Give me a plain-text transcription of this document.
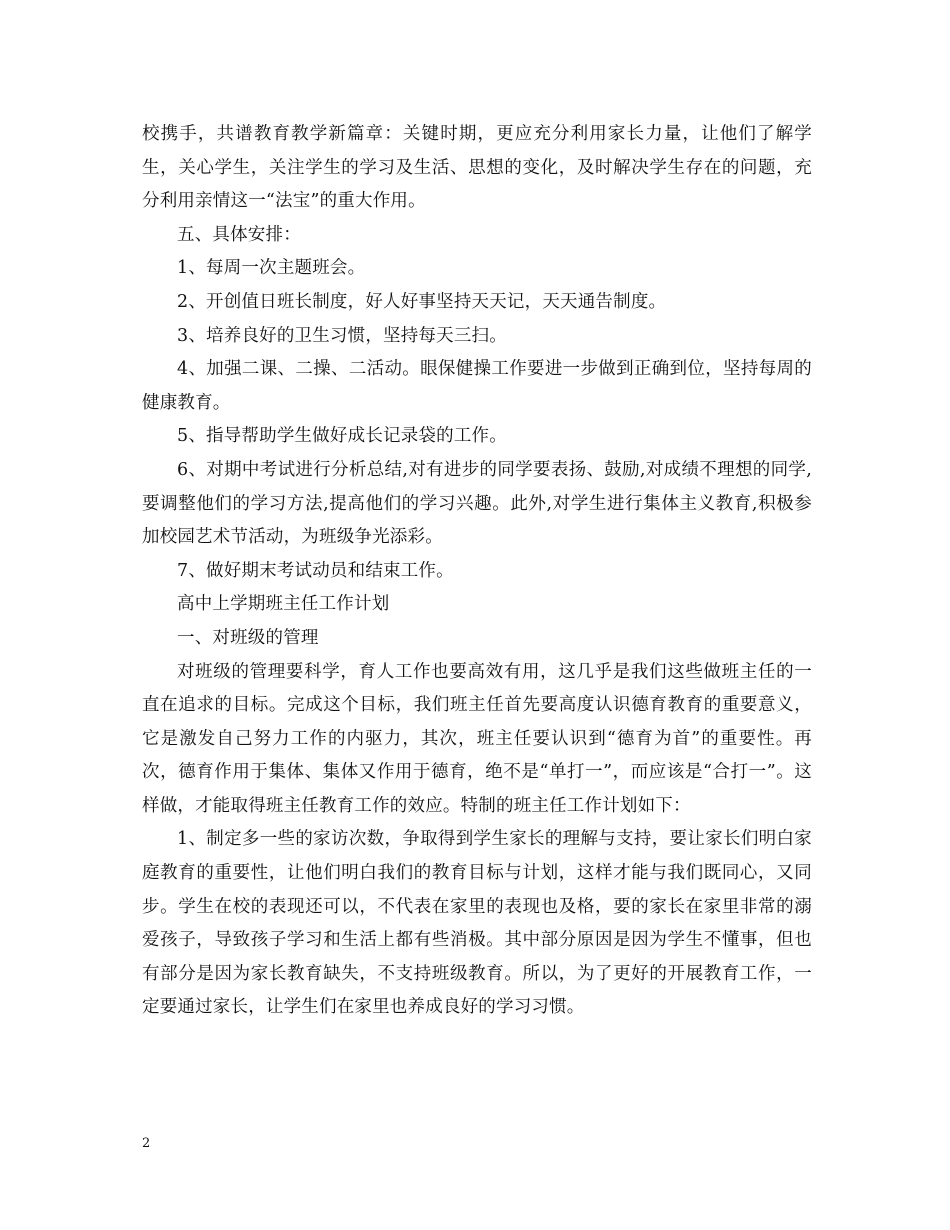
校携手，共谱教育教学新篇章：关键时期，更应充分利用家长力量，让他们了解学生，关心学生，关注学生的学习及生活、思想的变化，及时解决学生存在的问题，充分利用亲情这一“法宝”的重大作用。

五、具体安排：

1、每周一次主题班会。

2、开创值日班长制度，好人好事坚持天天记，天天通告制度。

3、培养良好的卫生习惯，坚持每天三扫。

4、加强二课、二操、二活动。眼保健操工作要进一步做到正确到位，坚持每周的健康教育。

5、指导帮助学生做好成长记录袋的工作。

6、对期中考试进行分析总结,对有进步的同学要表扬、鼓励,对成绩不理想的同学,要调整他们的学习方法,提高他们的学习兴趣。此外,对学生进行集体主义教育,积极参加校园艺术节活动，为班级争光添彩。

7、做好期末考试动员和结束工作。

高中上学期班主任工作计划

一、对班级的管理

对班级的管理要科学，育人工作也要高效有用，这几乎是我们这些做班主任的一直在追求的目标。完成这个目标，我们班主任首先要高度认识德育教育的重要意义，它是激发自己努力工作的内驱力，其次，班主任要认识到“德育为首”的重要性。再次，德育作用于集体、集体又作用于德育，绝不是“单打一”，而应该是“合打一”。这样做，才能取得班主任教育工作的效应。特制的班主任工作计划如下：

1、制定多一些的家访次数，争取得到学生家长的理解与支持，要让家长们明白家庭教育的重要性，让他们明白我们的教育目标与计划，这样才能与我们既同心，又同步。学生在校的表现还可以，不代表在家里的表现也及格，要的家长在家里非常的溺爱孩子，导致孩子学习和生活上都有些消极。其中部分原因是因为学生不懂事，但也有部分是因为家长教育缺失，不支持班级教育。所以，为了更好的开展教育工作，一定要通过家长，让学生们在家里也养成良好的学习习惯。

2
